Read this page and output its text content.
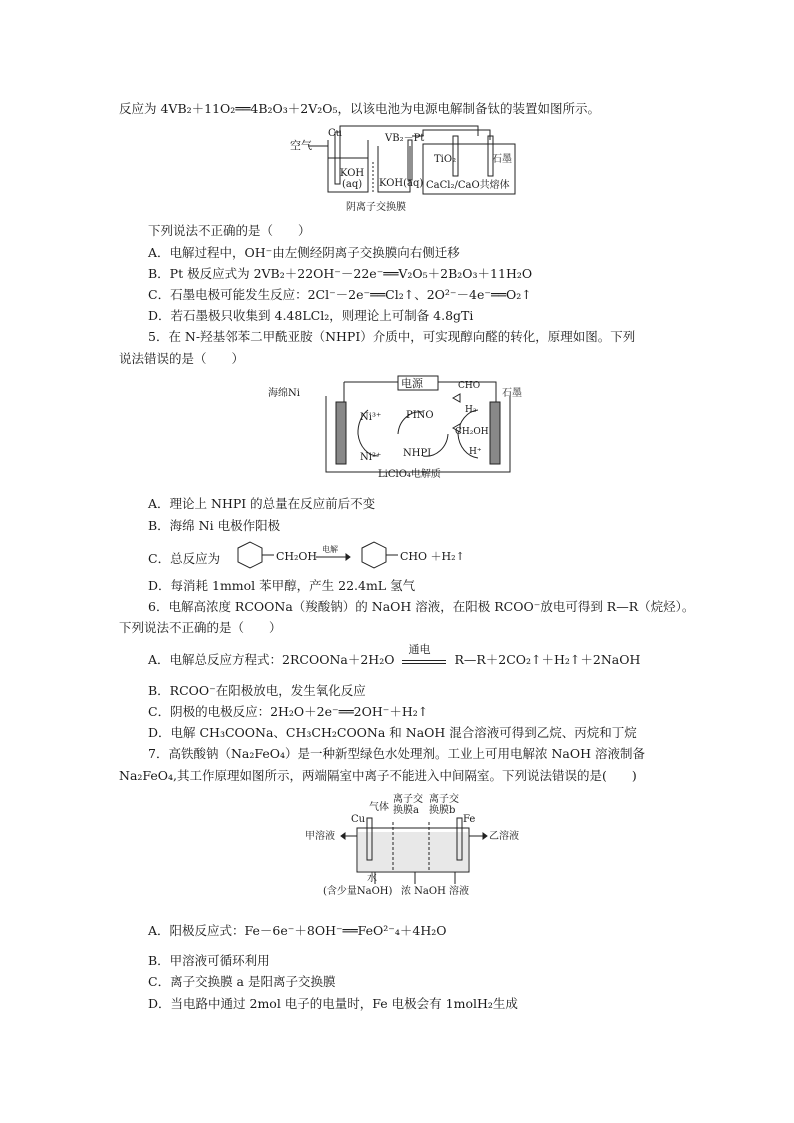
反应为 4VB₂＋11O₂══4B₂O₃＋2V₂O₅，以该电池为电源电解制备钛的装置如图所示。
空气
Cu	VB₂－Pt
KOH
(aq) KOH(aq)
TiO₂	石墨
CaCl₂/CaO共熔体
阴离子交换膜
下列说法不正确的是（　　）
A．电解过程中，OH⁻由左侧经阴离子交换膜向右侧迁移
B．Pt 极反应式为 2VB₂＋22OH⁻－22e⁻══V₂O₅＋2B₂O₃＋11H₂O
C．石墨电极可能发生反应：2Cl⁻－2e⁻══Cl₂↑、2O²⁻－4e⁻══O₂↑
D．若石墨极只收集到 4.48LCl₂，则理论上可制备 4.8gTi
5．在 N-羟基邻苯二甲酰亚胺（NHPI）介质中，可实现醇向醛的转化，原理如图。下列
说法错误的是（　　）
海绵Ni
电源
石墨
Ni³⁺
Ni²⁺
PINO
NHPI
CHO
H₂
CH₂OH
H⁺
LiClO₄电解质
A．理论上 NHPI 的总量在反应前后不变
B．海绵 Ni 电极作阳极
C．总反应为	CH₂OH
电解
CHO ＋H₂↑
D．每消耗 1mmol 苯甲醇，产生 22.4mL 氢气
6．电解高浓度 RCOONa（羧酸钠）的 NaOH 溶液，在阳极 RCOO⁻放电可得到 R—R（烷烃）。
下列说法不正确的是（　　）
A．电解总反应方程式：2RCOONa＋2H₂O
通电
R—R＋2CO₂↑＋H₂↑＋2NaOH
B．RCOO⁻在阳极放电，发生氧化反应
C．阴极的电极反应：2H₂O＋2e⁻══2OH⁻＋H₂↑
D．电解 CH₃COONa、CH₃CH₂COONa 和 NaOH 混合溶液可得到乙烷、丙烷和丁烷
7．高铁酸钠（Na₂FeO₄）是一种新型绿色水处理剂。工业上可用电解浓 NaOH 溶液制备
Na₂FeO₄,其工作原理如图所示，两端隔室中离子不能进入中间隔室。下列说法错误的是(　　)
离子交
换膜a
离子交
换膜b
气体
Cu	Fe
甲溶液	乙溶液
水
(含少量NaOH) 浓 NaOH 溶液
A．阳极反应式：Fe－6e⁻＋8OH⁻══FeO²⁻₄＋4H₂O
B．甲溶液可循环利用
C．离子交换膜 a 是阳离子交换膜
D．当电路中通过 2mol 电子的电量时，Fe 电极会有 1molH₂生成
